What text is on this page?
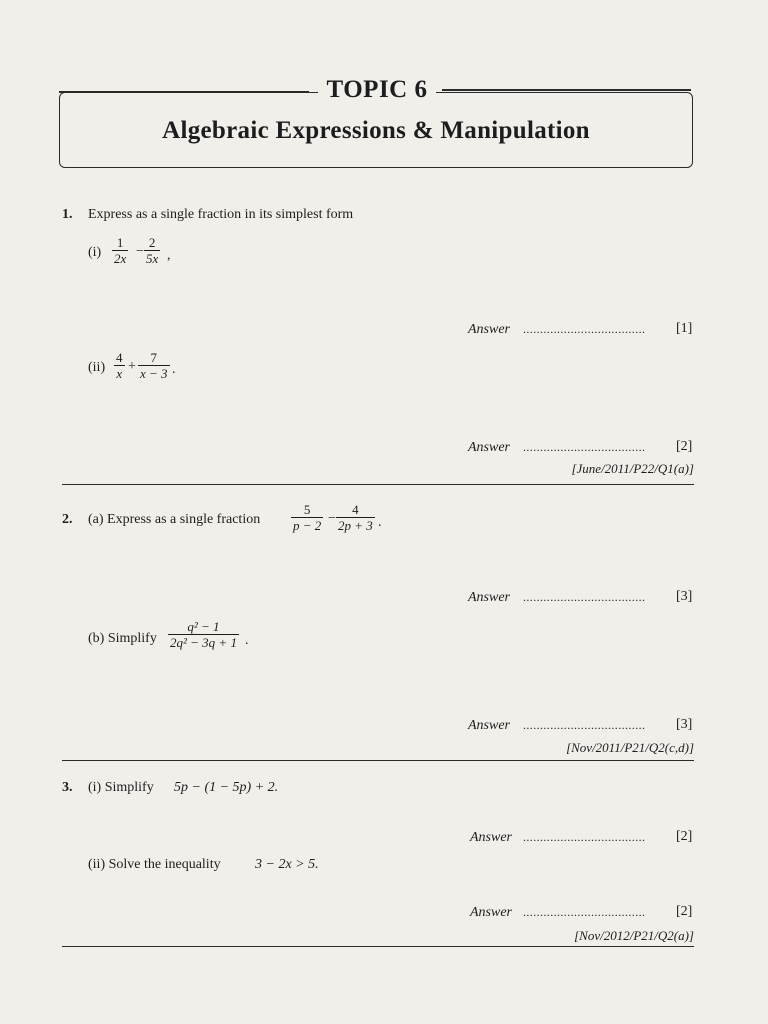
TOPIC 6
Algebraic Expressions & Manipulation
1. Express as a single fraction in its simplest form
$(i) \frac{1}{2x} - \frac{2}{5x}$ ,
Answer .................................... [1]
$(ii) \frac{4}{x} + \frac{7}{x - 3}$ .
Answer .................................... [2]
[June/2011/P22/Q1(a)]
2. (a) Express as a single fraction $\frac{5}{p - 2} - \frac{4}{2p + 3}$ .
Answer .................................... [3]
(b) Simplify $\frac{\text{q² − 1}}{\text{2q² − 3q + 1}}$ .
Answer .................................... [3]
[Nov/2011/P21/Q2(c,d)]
3. (i) Simplify 5p − (1 − 5p) + 2.
Answer .................................... [2]
(ii) Solve the inequality 3 − 2x > 5.
Answer .................................... [2]
[Nov/2012/P21/Q2(a)]
